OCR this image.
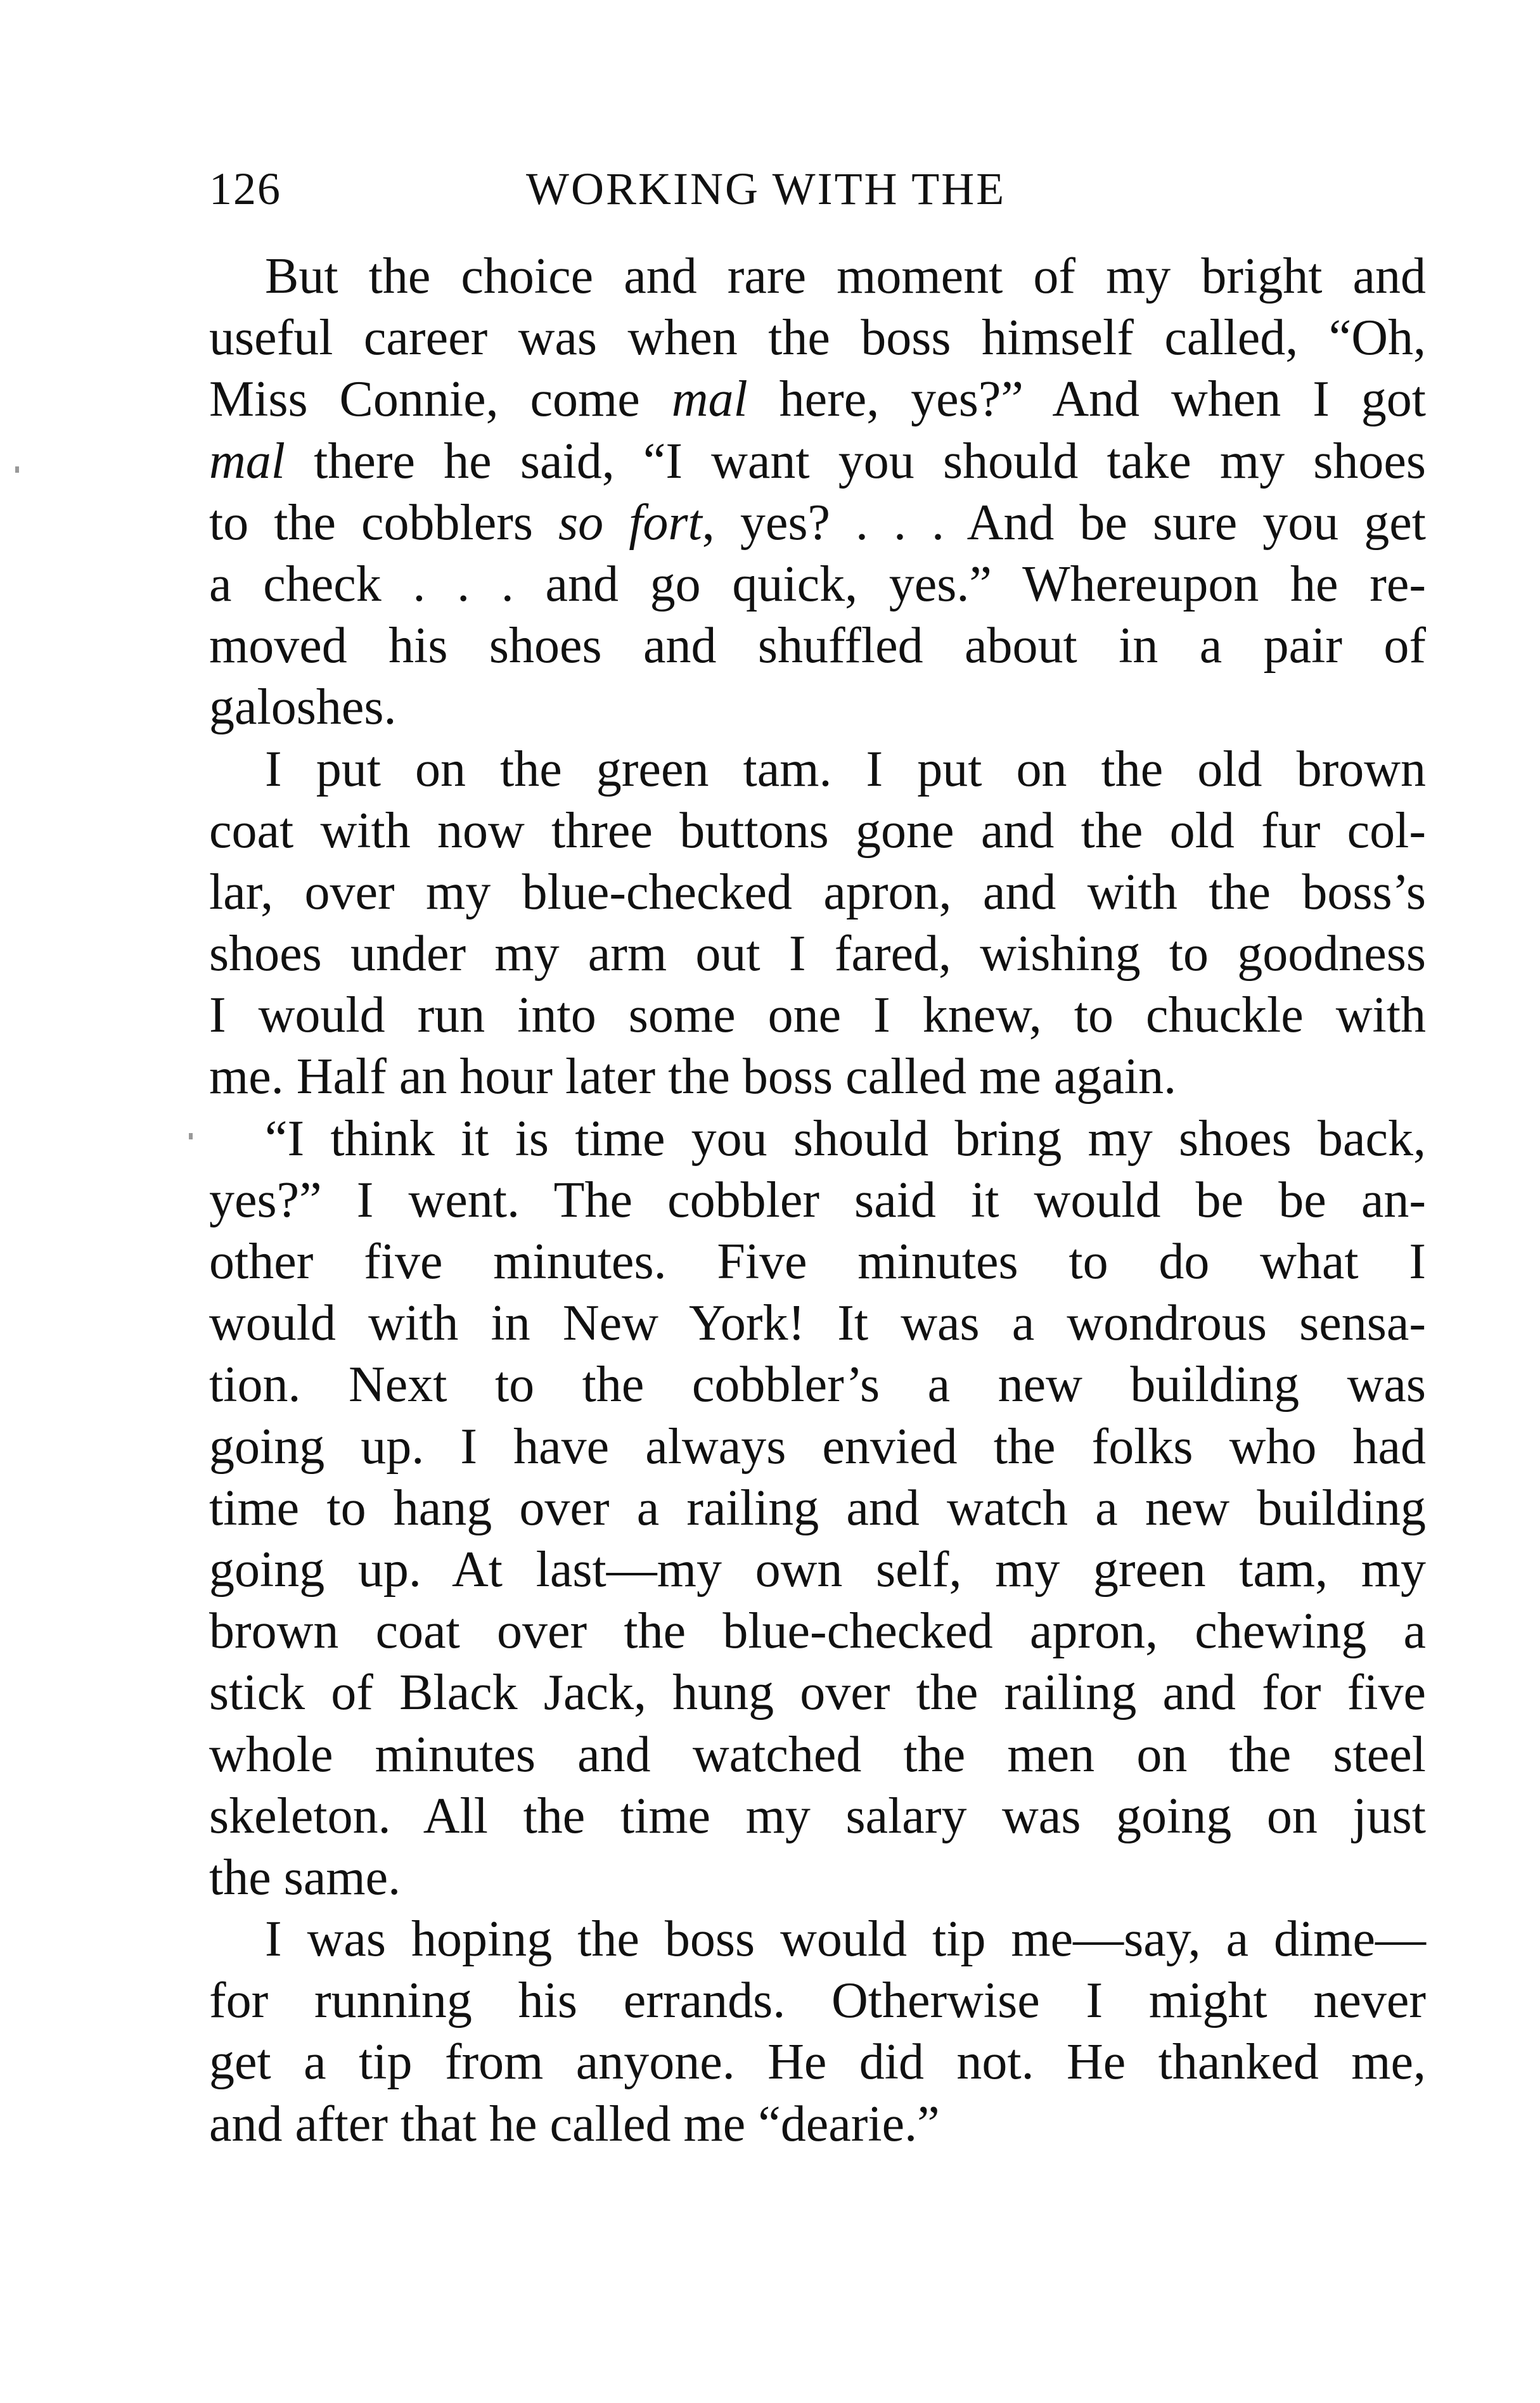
126	WORKING WITH THE
But the choice and rare moment of my bright and
useful career was when the boss himself called, “Oh,
Miss Connie, come mal here, yes?” And when I got
mal there he said, “I want you should take my shoes
to the cobblers so fort, yes? . . . And be sure you get
a check . . . and go quick, yes.” Whereupon he re-
moved his shoes and shuffled about in a pair of
galoshes.
I put on the green tam. I put on the old brown
coat with now three buttons gone and the old fur col-
lar, over my blue-checked apron, and with the boss’s
shoes under my arm out I fared, wishing to goodness
I would run into some one I knew, to chuckle with
me. Half an hour later the boss called me again.
“I think it is time you should bring my shoes back,
yes?” I went. The cobbler said it would be be an-
other five minutes. Five minutes to do what I
would with in New York! It was a wondrous sensa-
tion. Next to the cobbler’s a new building was
going up. I have always envied the folks who had
time to hang over a railing and watch a new building
going up. At last—my own self, my green tam, my
brown coat over the blue-checked apron, chewing a
stick of Black Jack, hung over the railing and for five
whole minutes and watched the men on the steel
skeleton. All the time my salary was going on just
the same.
I was hoping the boss would tip me—say, a dime—
for running his errands. Otherwise I might never
get a tip from anyone. He did not. He thanked me,
and after that he called me “dearie.”
